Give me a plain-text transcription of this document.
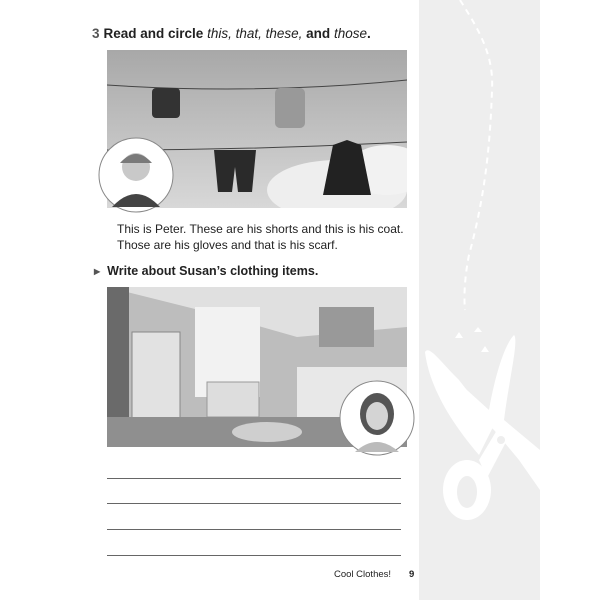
3 Read and circle this, that, these, and those.
This is Peter. These are his shorts and this is his coat.
Those are his gloves and that is his scarf.
▶ Write about Susan’s clothing items.
Cool Clothes! 9
